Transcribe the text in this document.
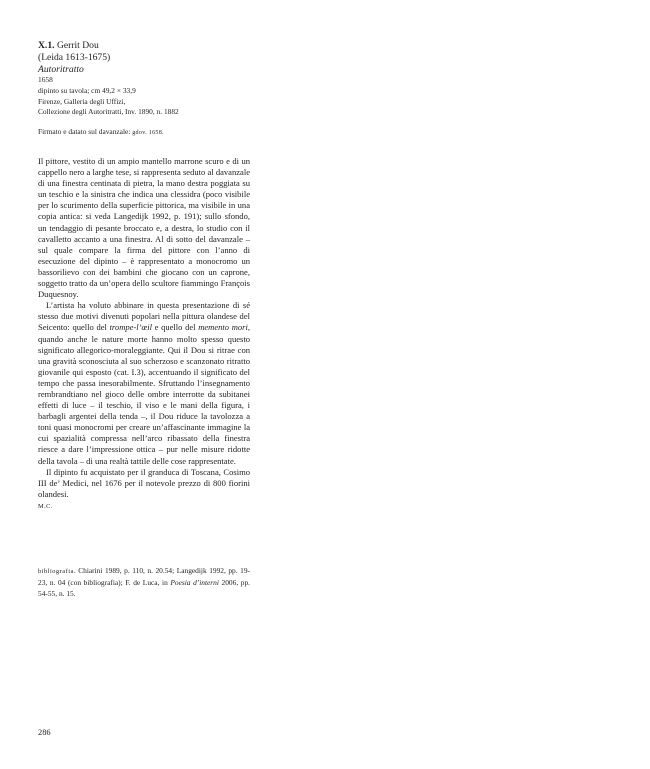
X.1. Gerrit Dou
(Leida 1613-1675)
Autoritratto
1658
dipinto su tavola; cm 49,2 × 33,9
Firenze, Galleria degli Uffizi,
Collezione degli Autoritratti, Inv. 1890, n. 1882
Firmato e datato sul davanzale: gdov. 1658.

Il pittore, vestito di un ampio mantello marrone scuro e di un cappello nero a larghe tese, si rappresenta seduto al davanzale di una finestra centinata di pietra, la mano destra poggiata su un teschio e la sinistra che indica una clessidra (poco visibile per lo scurimento della superficie pittorica, ma visibile in una copia antica: si veda Langedijk 1992, p. 191); sullo sfondo, un tendaggio di pesante broccato e, a destra, lo studio con il cavalletto accanto a una finestra. Al di sotto del davanzale – sul quale compare la firma del pittore con l’anno di esecuzione del dipinto – è rappresentato a monocromo un bassorilievo con dei bambini che giocano con un caprone, soggetto tratto da un’opera dello scultore fiammingo François Duquesnoy.

L’artista ha voluto abbinare in questa presentazione di sé stesso due motivi divenuti popolari nella pittura olandese del Seicento: quello del trompe-l’œil e quello del memento mori, quando anche le nature morte hanno molto spesso questo significato allegorico-moraleggiante. Qui il Dou si ritrae con una gravità sconosciuta al suo scherzoso e scanzonato ritratto giovanile qui esposto (cat. I.3), accentuando il significato del tempo che passa inesorabilmente. Sfruttando l’insegnamento rembrandtiano nel gioco delle ombre interrotte da subitanei effetti di luce – il teschio, il viso e le mani della figura, i barbagli argentei della tenda –, il Dou riduce la tavolozza a toni quasi monocromi per creare un’affascinante immagine la cui spazialità compressa nell’arco ribassato della finestra riesce a dare l’impressione ottica – pur nelle misure ridotte della tavola – di una realtà tattile delle cose rappresentate.

Il dipinto fu acquistato per il granduca di Toscana, Cosimo III de’ Medici, nel 1676 per il notevole prezzo di 800 fiorini olandesi.

M.C.
bibliografia. Chiarini 1989, p. 110, n. 20.54; Langedijk 1992, pp. 19-23, n. 04 (con bibliografia); F. de Luca, in Poesia d’interni 2006, pp. 54-55, n. 15.
286
